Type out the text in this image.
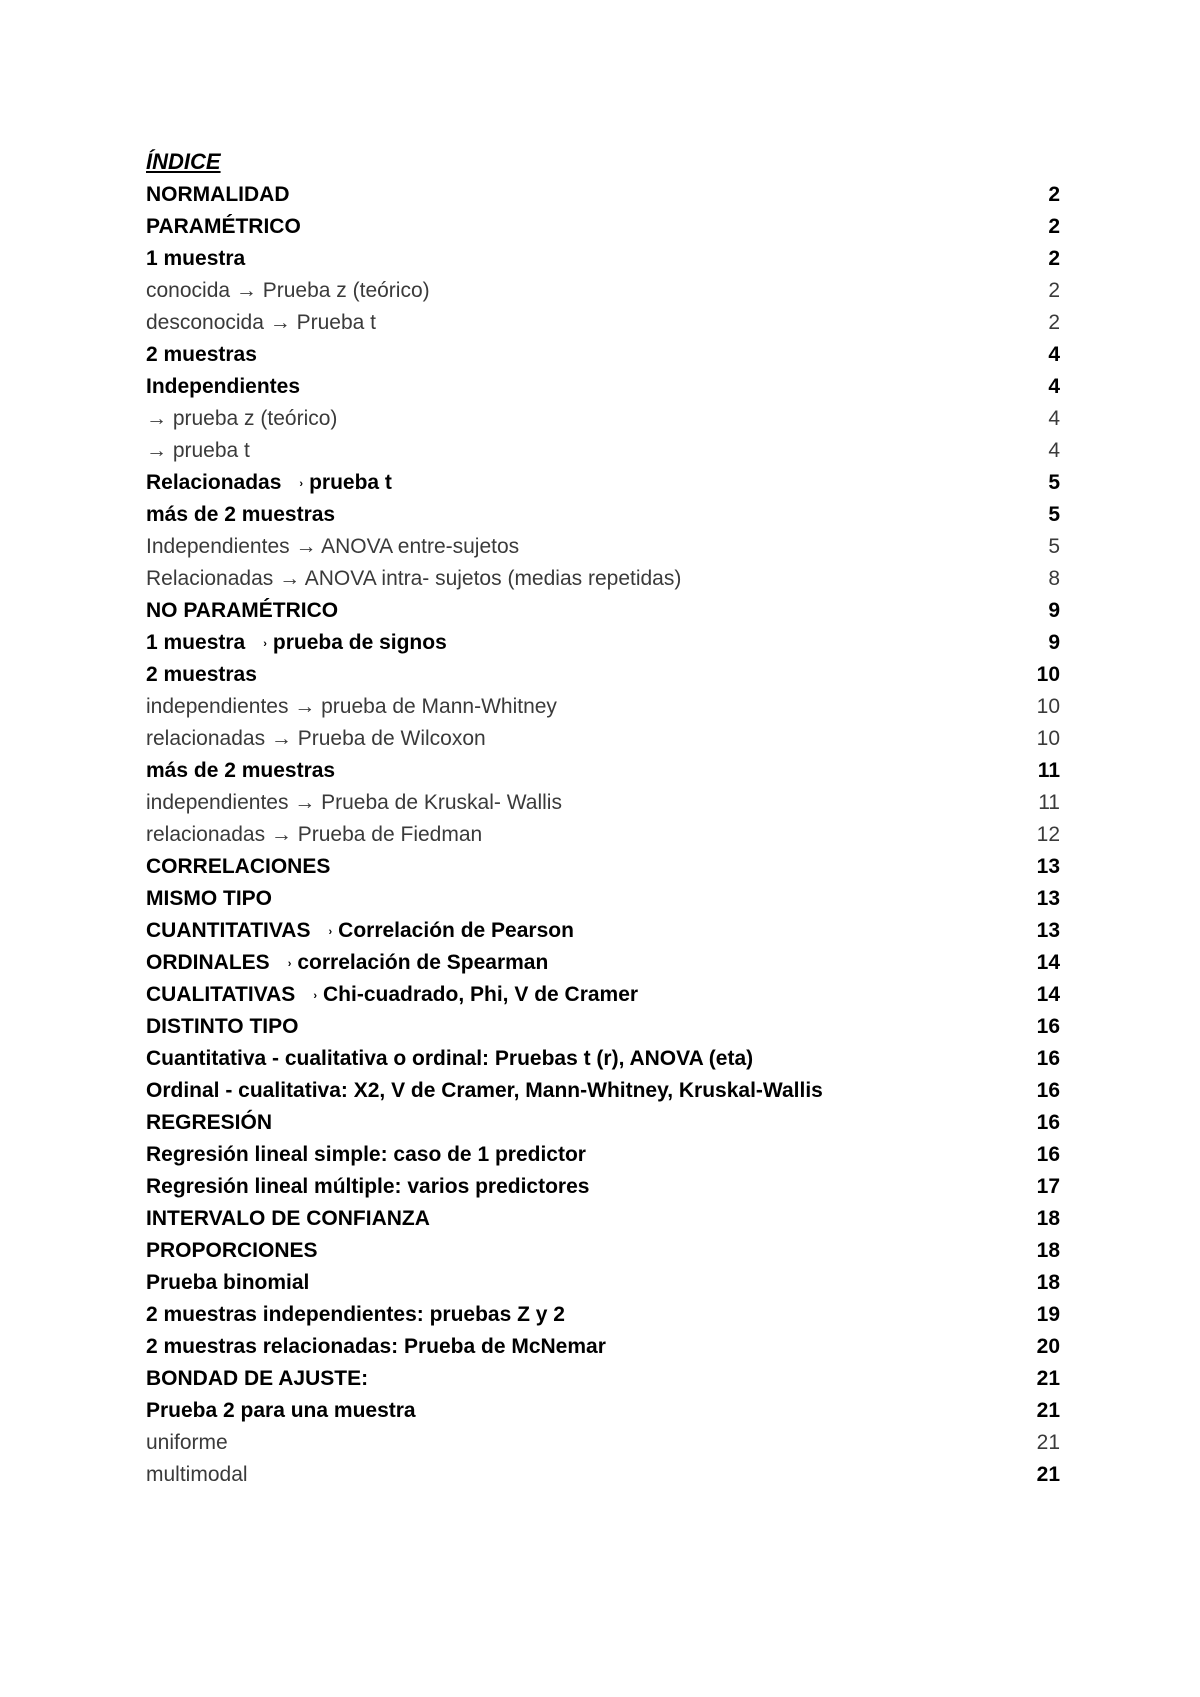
ÍNDICE
NORMALIDAD	2
PARAMÉTRICO	2
1 muestra	2
conocida → Prueba z (teórico)	2
desconocida → Prueba t	2
2 muestras	4
Independientes	4
→ prueba z (teórico)	4
→ prueba t	4
Relacionadas › prueba t	5
más de 2 muestras	5
Independientes → ANOVA entre-sujetos	5
Relacionadas → ANOVA intra- sujetos (medias repetidas)	8
NO PARAMÉTRICO	9
1 muestra › prueba de signos	9
2 muestras	10
independientes → prueba de Mann-Whitney	10
relacionadas → Prueba de Wilcoxon	10
más de 2 muestras	11
independientes → Prueba de Kruskal- Wallis	11
relacionadas → Prueba de Fiedman	12
CORRELACIONES	13
MISMO TIPO	13
CUANTITATIVAS › Correlación de Pearson	13
ORDINALES › correlación de Spearman	14
CUALITATIVAS › Chi-cuadrado, Phi, V de Cramer	14
DISTINTO TIPO	16
Cuantitativa - cualitativa o ordinal: Pruebas t (r), ANOVA (eta)	16
Ordinal - cualitativa: X2, V de Cramer, Mann-Whitney, Kruskal-Wallis	16
REGRESIÓN	16
Regresión lineal simple: caso de 1 predictor	16
Regresión lineal múltiple: varios predictores	17
INTERVALO DE CONFIANZA	18
PROPORCIONES	18
Prueba binomial	18
2 muestras independientes: pruebas Z y 2	19
2 muestras relacionadas: Prueba de McNemar	20
BONDAD DE AJUSTE:	21
Prueba 2 para una muestra	21
uniforme	21
multimodal	21
